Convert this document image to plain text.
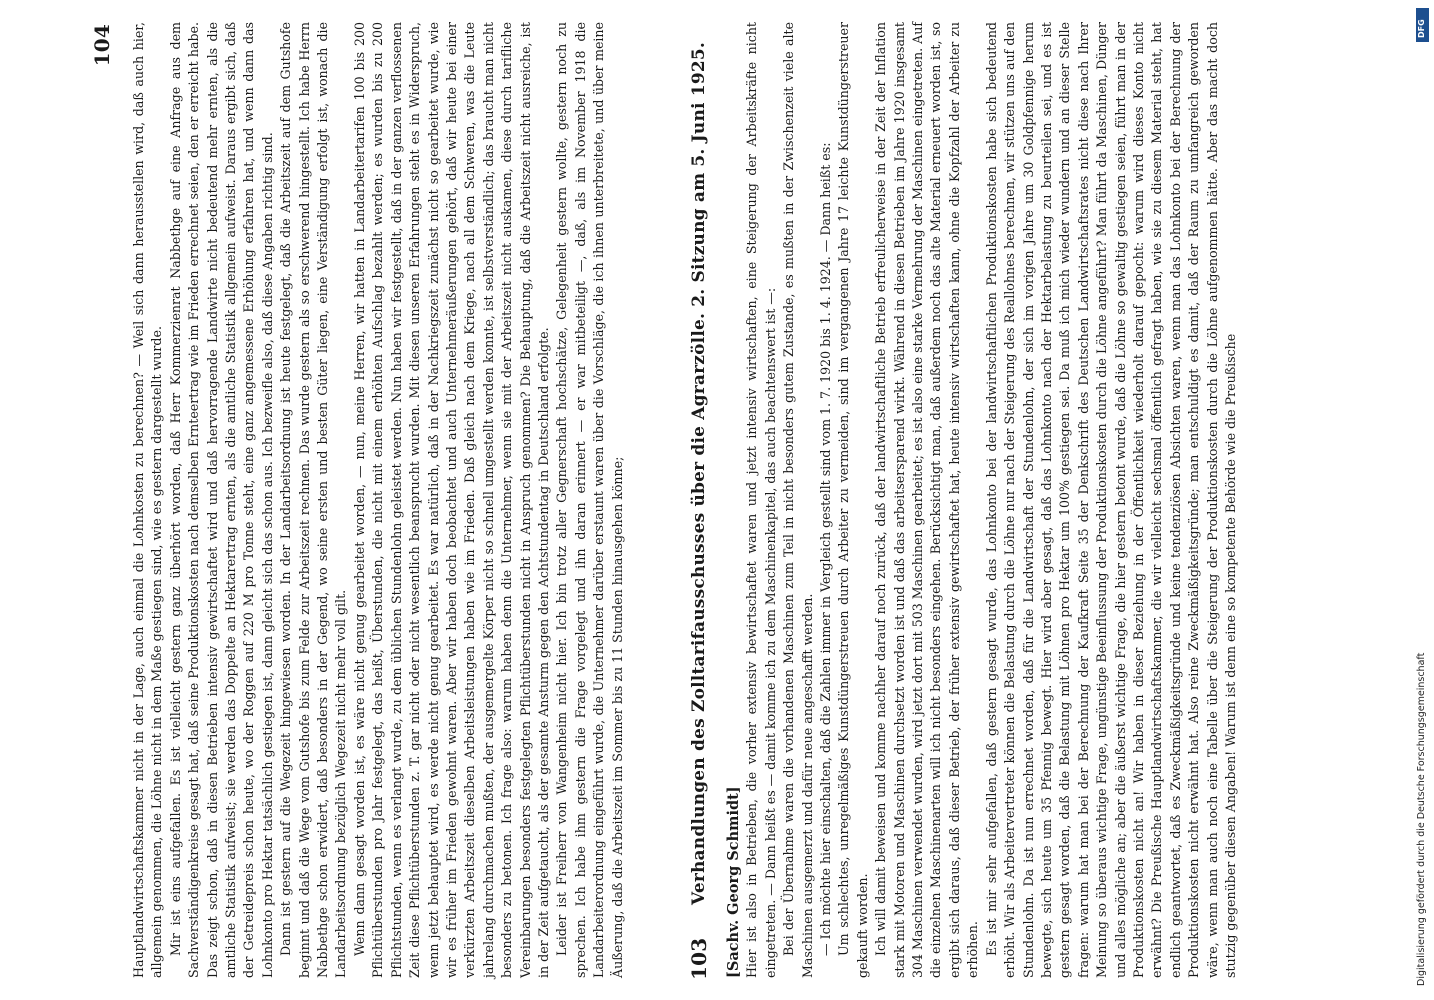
104 Hauptlandwirtschaftskammer nicht in der Lage, auch einmal die Lohnkosten zu berechnen? — Weil sich dann herausstellen wird, daß auch hier, allgemein genommen, die Löhne nicht in dem Maße gestiegen sind, wie es gestern dargestellt wurde. Mir ist eins aufgefallen. Es ist vielleicht gestern ganz überhört worden, daß Herr Kommerzienrat Nabbethge auf eine Anfrage aus dem Sachverständigenkreise gesagt hat, daß seine Produktionskosten nach demselben Ernteertrag wie im Frieden errechnet seien, den er erreicht habe. Das zeigt schon, daß in diesen Betrieben intensiv gewirtschaftet wird und daß hervorragende Landwirte nicht bedeutend mehr ernten, als die amtliche Statistik aufweist; sie werden das Doppelte an Hektarertrag ernten, als die amtliche Statistik allgemein aufweist. Daraus ergibt sich, daß der Getreidepreis schon heute, wo der Roggen auf 220 M pro Tonne steht, eine ganz angemessene Erhöhung erfahren hat, und wenn dann das Lohnkonto pro Hektar tatsächlich gestiegen ist, dann gleicht sich das schon aus. Ich bezweifle also, daß diese Angaben richtig sind. Dann ist gestern auf die Wegezeit hingewiesen worden. In der Landarbeitsordnung ist heute festgelegt, daß die Arbeitszeit auf dem Gutshofe beginnt und daß die Wege vom Gutshofe bis zum Felde zur Arbeitszeit rechnen. Das wurde gestern als so erschwerend hingestellt. Ich habe Herrn Nabbethge schon erwidert, daß besonders in der Gegend, wo seine ersten und besten Güter liegen, eine Verständigung erfolgt ist, wonach die Landarbeitsordnung bezüglich Wegezeit nicht mehr voll gilt. Wenn dann gesagt worden ist, es wäre nicht genug gearbeitet worden, — nun, meine Herren, wir hatten in Landarbeitertarifen 100 bis 200 Pflichtüberstunden pro Jahr festgelegt, das heißt, Überstunden, die nicht mit einem erhöhten Aufschlag bezahlt werden; es wurden bis zu 200 Pflichtstunden, wenn es verlangt wurde, zu dem üblichen Stundenlohn geleistet werden. Nun haben wir festgestellt, daß in der ganzen verflossenen Zeit diese Pflichtüberstunden z. T. gar nicht oder nicht wesentlich beansprucht wurden. Mit diesen unseren Erfahrungen steht es in Widerspruch, wenn jetzt behauptet wird, es werde nicht genug gearbeitet. Es war natürlich, daß in der Nachkriegszeit zunächst nicht so gearbeitet wurde, wie wir es früher im Frieden gewohnt waren. Aber wir haben doch beobachtet und auch Unternehmeräußerungen gehört, daß wir heute bei einer verkürzten Arbeitszeit dieselben Arbeitsleistungen haben wie im Frieden. Daß gleich nach dem Kriege, nach all dem Schweren, was die Leute jahrelang durchmachen mußten, der ausgemergelte Körper nicht so schnell umgestellt werden konnte, ist selbstverständlich; das braucht man nicht besonders zu betonen. Ich frage also: warum haben denn die Unternehmer, wenn sie mit der Arbeitszeit nicht auskamen, diese durch tarifliche Vereinbarungen besonders festgelegten Pflichtüberstunden nicht in Anspruch genommen? Die Behauptung, daß die Arbeitszeit nicht ausreiche, ist in der Zeit aufgetaucht, als der gesamte Ansturm gegen den Achtstundentag in Deutschland erfolgte. Leider ist Freiherr von Wangenheim nicht hier. Ich bin trotz aller Gegnerschaft hochschätze, Gelegenheit gestern wollte, gestern noch zu sprechen. Ich habe ihm gestern die Frage vorgelegt und ihn daran erinnert — er war mitbeteiligt —, daß, als im November 1918 die Landarbeiterordnung eingeführt wurde, die Unternehmer darüber erstaunt waren über die Vorschläge, die ich ihnen unterbreitete, und über meine Äußerung, daß die Arbeitszeit im Sommer bis zu 11 Stunden hinausgehen könne;	103
Verhandlungen des Zolltarifausschusses über die Agrarzölle. 2. Sitzung am 5. Juni 1925. [Sachv. Georg Schmidt] Hier ist also in Betrieben, die vorher extensiv bewirtschaftet waren und jetzt intensiv wirtschaften, eine Steigerung der Arbeitskräfte nicht eingetreten. — Dann heißt es — damit komme ich zu dem Maschinenkapitel, das auch beachtenswert ist —: Bei der Übernahme waren die vorhandenen Maschinen zum Teil in nicht besonders gutem Zustande, es mußten in der Zwischenzeit viele alte Maschinen ausgemerzt und dafür neue angeschafft werden. — Ich möchte hier einschalten, daß die Zahlen immer in Vergleich gestellt sind vom 1. 7. 1920 bis 1. 4. 1924. — Dann heißt es: Um schlechtes, unregelmäßiges Kunstdüngerstreuen durch Arbeiter zu vermeiden, sind im vergangenen Jahre 17 leichte Kunstdüngerstreuer gekauft worden. Ich will damit beweisen und komme nachher darauf noch zurück, daß der landwirtschaftliche Betrieb erfreulicherweise in der Zeit der Inflation stark mit Motoren und Maschinen durchsetzt worden ist und daß das arbeitsersparend wirkt. Während in diesen Betrieben im Jahre 1920 insgesamt 304 Maschinen verwendet wurden, wird jetzt dort mit 503 Maschinen gearbeitet; es ist also eine starke Vermehrung der Maschinen eingetreten. Auf die einzelnen Maschinenarten will ich nicht besonders eingehen. Berücksichtigt man, daß außerdem noch das alte Material erneuert worden ist, so ergibt sich daraus, daß dieser Betrieb, der früher extensiv gewirtschaftet hat, heute intensiv wirtschaften kann, ohne die Kopfzahl der Arbeiter zu erhöhen. Es ist mir sehr aufgefallen, daß gestern gesagt wurde, das Lohnkonto bei der landwirtschaftlichen Produktionskosten habe sich bedeutend erhöht. Wir als Arbeitervertreter können die Belastung durch die Löhne nur nach der Steigerung des Reallohnes berechnen, wir stützen uns auf den Stundenlohn. Da ist nun errechnet worden, daß für die Landwirtschaft der Stundenlohn, der sich im vorigen Jahre um 30 Goldpfennige herum bewegte, sich heute um 35 Pfennig bewegt. Hier wird aber gesagt, daß das Lohnkonto nach der Hektarbelastung zu beurteilen sei, und es ist gestern gesagt worden, daß die Belastung mit Löhnen pro Hektar um 100% gestiegen sei. Da muß ich mich wieder wundern und an dieser Stelle fragen: warum hat man bei der Berechnung der Kaufkraft Seite 35 der Denkschrift des Deutschen Landwirtschaftsrates nicht diese nach Ihrer Meinung so überaus wichtige Frage, ungünstige Beeinflussung der Produktionskosten durch die Löhne angeführt? Man führt da Maschinen, Dünger und alles mögliche an; aber die äußerst wichtige Frage, die hier gestern betont wurde, daß die Löhne so gewaltig gestiegen seien, führt man in der Produktionskosten nicht an! Wir haben in dieser Beziehung in der Öffentlichkeit wiederholt darauf gepocht: warum wird dieses Konto nicht erwähnt? Die Preußische Hauptlandwirtschaftskammer, die wir vielleicht sechsmal öffentlich gefragt haben, wie sie zu diesem Material steht, hat endlich geantwortet, daß es Zweckmäßigkeitsgründe und keine tendenziösen Absichten waren, wenn man das Lohnkonto bei der Berechnung der Produktionskosten nicht erwähnt hat. Also reine Zweckmäßigkeitsgründe; man entschuldigt es damit, daß der Raum zu umfangreich geworden wäre, wenn man auch noch eine Tabelle über die Steigerung der Produktionskosten durch die Löhne aufgenommen hätte. Aber das macht doch stutzig gegenüber diesen Angaben! Warum ist denn eine so kompetente Behörde wie die Preußische

DFG
Digitalisierung gefördert durch die Deutsche Forschungsgemeinschaft
